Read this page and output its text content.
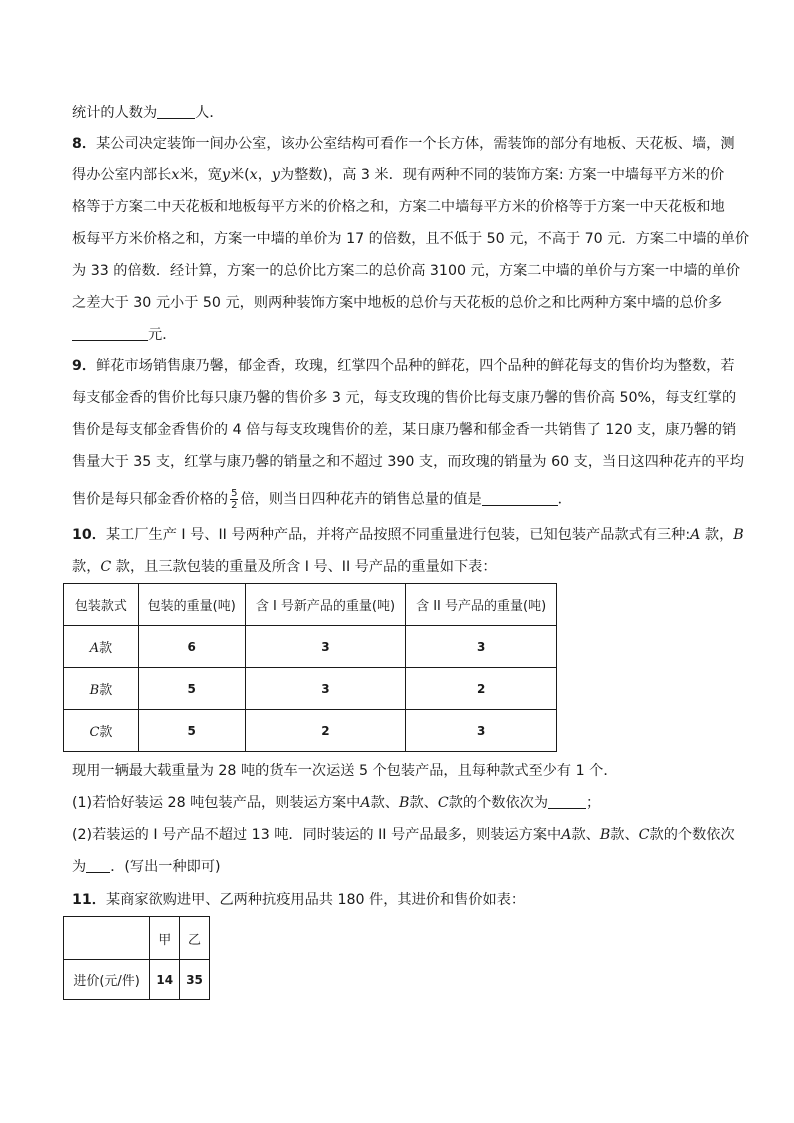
统计的人数为	人．
8．某公司决定装饰一间办公室，该办公室结构可看作一个长方体，需装饰的部分有地板、天花板、墙，测
得办公室内部长x米，宽y米(x，y为整数)，高 3 米．现有两种不同的装饰方案: 方案一中墙每平方米的价
格等于方案二中天花板和地板每平方米的价格之和，方案二中墙每平方米的价格等于方案一中天花板和地
板每平方米价格之和，方案一中墙的单价为 17 的倍数，且不低于 50 元，不高于 70 元．方案二中墙的单价
为 33 的倍数．经计算，方案一的总价比方案二的总价高 3100 元，方案二中墙的单价与方案一中墙的单价
之差大于 30 元小于 50 元，则两种装饰方案中地板的总价与天花板的总价之和比两种方案中墙的总价多
元．
9．鲜花市场销售康乃馨，郁金香，玫瑰，红掌四个品种的鲜花，四个品种的鲜花每支的售价均为整数，若
每支郁金香的售价比每只康乃馨的售价多 3 元，每支玫瑰的售价比每支康乃馨的售价高 50%，每支红掌的
售价是每支郁金香售价的 4 倍与每支玫瑰售价的差，某日康乃馨和郁金香一共销售了 120 支，康乃馨的销
售量大于 35 支，红掌与康乃馨的销量之和不超过 390 支，而玫瑰的销量为 60 支，当日这四种花卉的平均
售价是每只郁金香价格的 $\frac{5}{2}$ 倍，则当日四种花卉的销售总量的值是	．
10．某工厂生产 I 号、II 号两种产品，并将产品按照不同重量进行包装，已知包装产品款式有三种:A 款，B
款，C 款，且三款包装的重量及所含 I 号、II 号产品的重量如下表：
包装款式	包装的重量(吨)	含 I 号新产品的重量(吨)	含 II 号产品的重量(吨)
A款	6	3	3
B款	5	3	2
C款	5	2	3
现用一辆最大载重量为 28 吨的货车一次运送 5 个包装产品，且每种款式至少有 1 个．
(1)若恰好装运 28 吨包装产品，则装运方案中A款、B款、C款的个数依次为	；
(2)若装运的 I 号产品不超过 13 吨．同时装运的 II 号产品最多，则装运方案中A款、B款、C款的个数依次
为 ．(写出一种即可)
11．某商家欲购进甲、乙两种抗疫用品共 180 件，其进价和售价如表：
	甲	乙
进价(元/件)	14	35
